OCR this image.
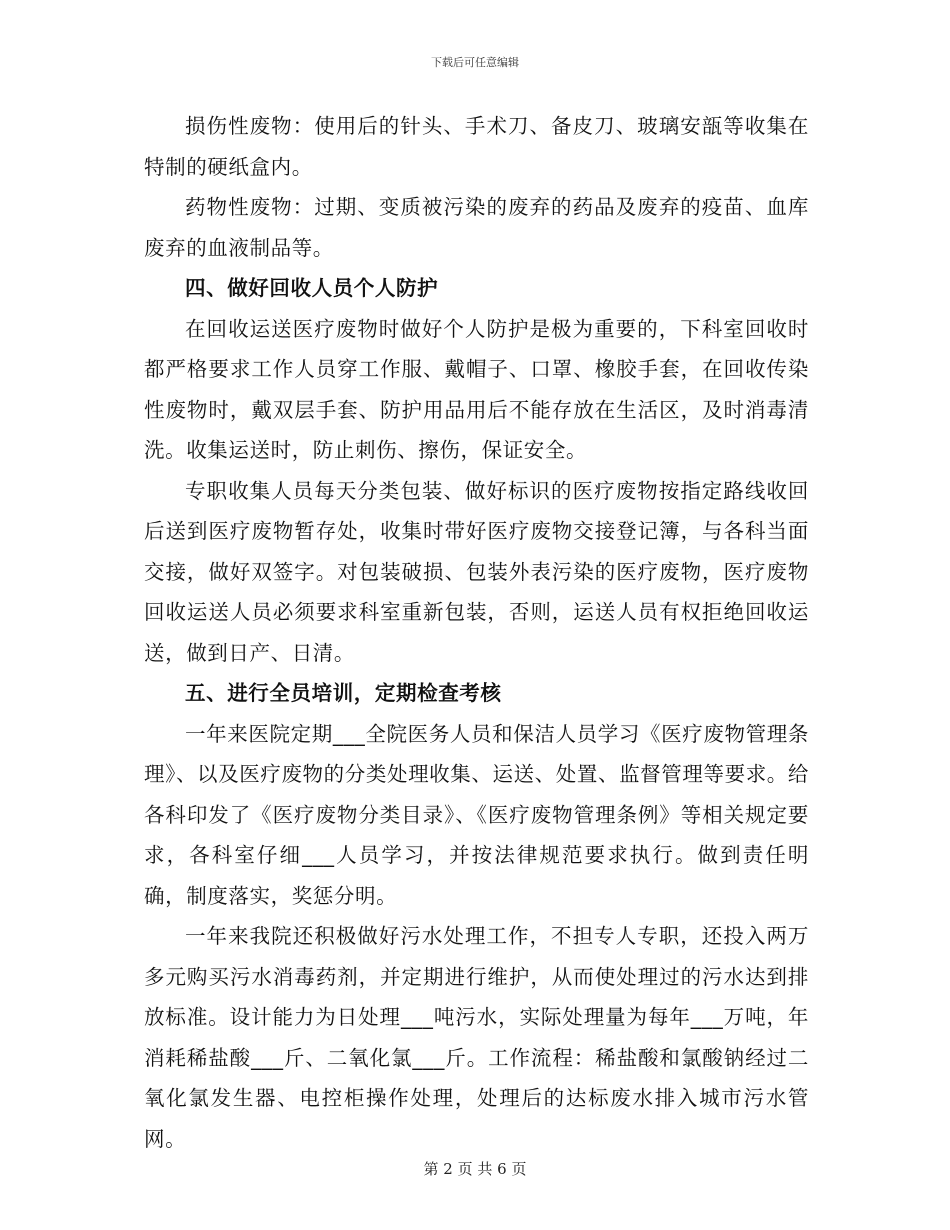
下载后可任意编辑

损伤性废物：使用后的针头、手术刀、备皮刀、玻璃安瓿等收集在特制的硬纸盒内。

药物性废物：过期、变质被污染的废弃的药品及废弃的疫苗、血库废弃的血液制品等。

四、做好回收人员个人防护

在回收运送医疗废物时做好个人防护是极为重要的，下科室回收时都严格要求工作人员穿工作服、戴帽子、口罩、橡胶手套，在回收传染性废物时，戴双层手套、防护用品用后不能存放在生活区，及时消毒清洗。收集运送时，防止刺伤、擦伤，保证安全。

专职收集人员每天分类包装、做好标识的医疗废物按指定路线收回后送到医疗废物暂存处，收集时带好医疗废物交接登记簿，与各科当面交接，做好双签字。对包装破损、包装外表污染的医疗废物，医疗废物回收运送人员必须要求科室重新包装，否则，运送人员有权拒绝回收运送，做到日产、日清。

五、进行全员培训，定期检查考核

一年来医院定期___全院医务人员和保洁人员学习《医疗废物管理条理》、以及医疗废物的分类处理收集、运送、处置、监督管理等要求。给各科印发了《医疗废物分类目录》、《医疗废物管理条例》等相关规定要求，各科室仔细___人员学习，并按法律规范要求执行。做到责任明确，制度落实，奖惩分明。

一年来我院还积极做好污水处理工作，不担专人专职，还投入两万多元购买污水消毒药剂，并定期进行维护，从而使处理过的污水达到排放标准。设计能力为日处理___吨污水，实际处理量为每年___万吨，年消耗稀盐酸___斤、二氧化氯___斤。工作流程：稀盐酸和氯酸钠经过二氧化氯发生器、电控柜操作处理，处理后的达标废水排入城市污水管网。

第 2 页 共 6 页
